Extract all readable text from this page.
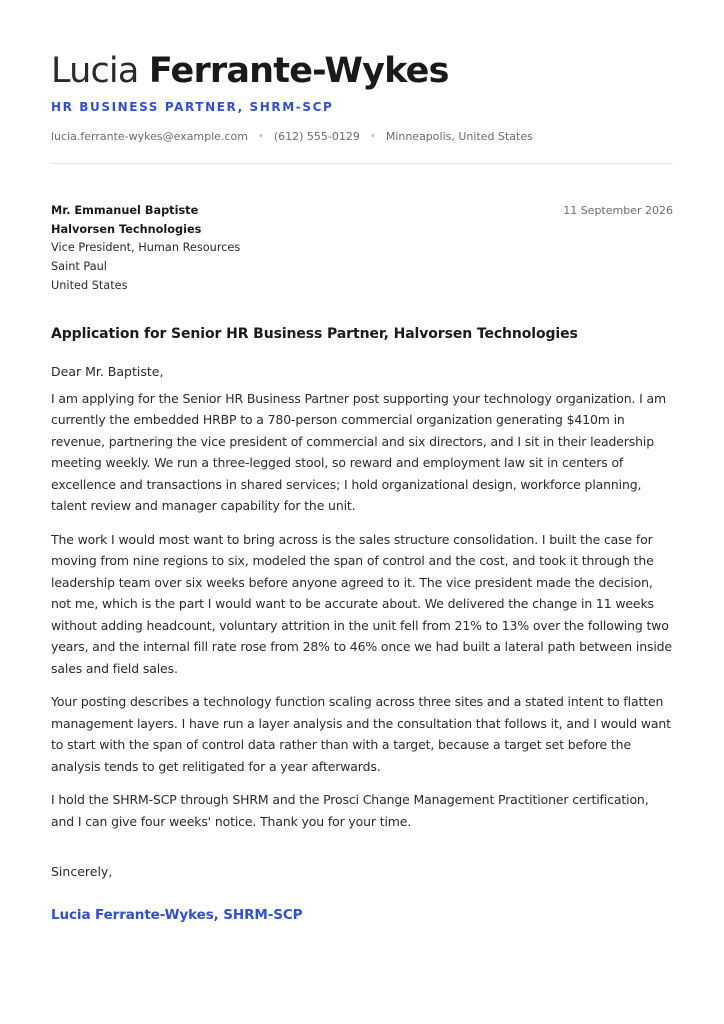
Lucia Ferrante-Wykes
HR BUSINESS PARTNER, SHRM-SCP
lucia.ferrante-wykes@example.com • (612) 555-0129 • Minneapolis, United States
Mr. Emmanuel Baptiste
Halvorsen Technologies
Vice President, Human Resources
Saint Paul
United States
11 September 2026
Application for Senior HR Business Partner, Halvorsen Technologies
Dear Mr. Baptiste,

I am applying for the Senior HR Business Partner post supporting your technology organization. I am currently the embedded HRBP to a 780-person commercial organization generating $410m in revenue, partnering the vice president of commercial and six directors, and I sit in their leadership meeting weekly. We run a three-legged stool, so reward and employment law sit in centers of excellence and transactions in shared services; I hold organizational design, workforce planning, talent review and manager capability for the unit.

The work I would most want to bring across is the sales structure consolidation. I built the case for moving from nine regions to six, modeled the span of control and the cost, and took it through the leadership team over six weeks before anyone agreed to it. The vice president made the decision, not me, which is the part I would want to be accurate about. We delivered the change in 11 weeks without adding headcount, voluntary attrition in the unit fell from 21% to 13% over the following two years, and the internal fill rate rose from 28% to 46% once we had built a lateral path between inside sales and field sales.

Your posting describes a technology function scaling across three sites and a stated intent to flatten management layers. I have run a layer analysis and the consultation that follows it, and I would want to start with the span of control data rather than with a target, because a target set before the analysis tends to get relitigated for a year afterwards.

I hold the SHRM-SCP through SHRM and the Prosci Change Management Practitioner certification, and I can give four weeks' notice. Thank you for your time.

Sincerely,
Lucia Ferrante-Wykes, SHRM-SCP
